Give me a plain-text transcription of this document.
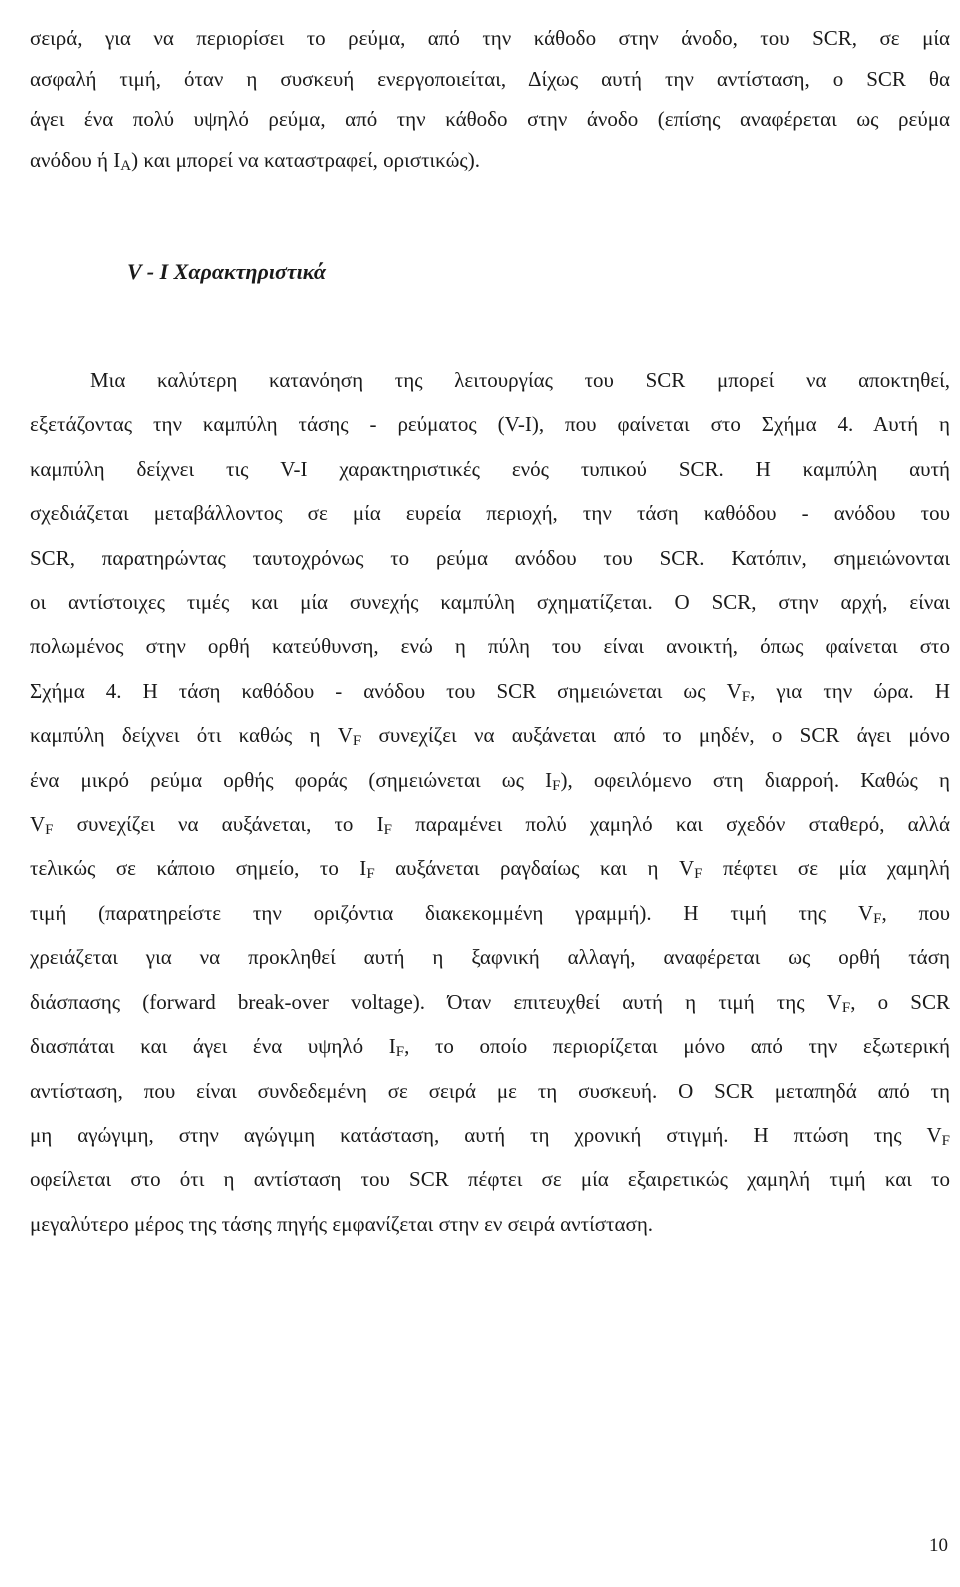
σειρά, για να περιορίσει το ρεύμα, από την κάθοδο στην άνοδο, του SCR, σε μία
ασφαλή τιμή, όταν η συσκευή ενεργοποιείται, Δίχως αυτή την αντίσταση, ο SCR θα
άγει ένα πολύ υψηλό ρεύμα, από την κάθοδο στην άνοδο (επίσης αναφέρεται ως ρεύμα
ανόδου ή $I_A$) και μπορεί να καταστραφεί, οριστικώς).
V - I Χαρακτηριστικά
Μια καλύτερη κατανόηση της λειτουργίας του SCR μπορεί να αποκτηθεί,
εξετάζοντας την καμπύλη τάσης - ρεύματος (V-I), που φαίνεται στο Σχήμα 4. Αυτή η
καμπύλη δείχνει τις V-I χαρακτηριστικές ενός τυπικού SCR. Η καμπύλη αυτή
σχεδιάζεται μεταβάλλοντος σε μία ευρεία περιοχή, την τάση καθόδου - ανόδου του
SCR, παρατηρώντας ταυτοχρόνως το ρεύμα ανόδου του SCR. Κατόπιν, σημειώνονται
οι αντίστοιχες τιμές και μία συνεχής καμπύλη σχηματίζεται. Ο SCR, στην αρχή, είναι
πολωμένος στην ορθή κατεύθυνση, ενώ η πύλη του είναι ανοικτή, όπως φαίνεται στο
Σχήμα 4. Η τάση καθόδου - ανόδου του SCR σημειώνεται ως $V_F$, για την ώρα. Η
καμπύλη δείχνει ότι καθώς η $V_F$ συνεχίζει να αυξάνεται από το μηδέν, ο SCR άγει μόνο
ένα μικρό ρεύμα ορθής φοράς (σημειώνεται ως $I_F$), οφειλόμενο στη διαρροή. Καθώς η
$V_F$ συνεχίζει να αυξάνεται, το $I_F$ παραμένει πολύ χαμηλό και σχεδόν σταθερό, αλλά
τελικώς σε κάποιο σημείο, το $I_F$ αυξάνεται ραγδαίως και η $V_F$ πέφτει σε μία χαμηλή
τιμή (παρατηρείστε την οριζόντια διακεκομμένη γραμμή). Η τιμή της $V_F$, που
χρειάζεται για να προκληθεί αυτή η ξαφνική αλλαγή, αναφέρεται ως ορθή τάση
διάσπασης (forward break-over voltage). Όταν επιτευχθεί αυτή η τιμή της $V_F$, ο SCR
διασπάται και άγει ένα υψηλό $I_F$, το οποίο περιορίζεται μόνο από την εξωτερική
αντίσταση, που είναι συνδεδεμένη σε σειρά με τη συσκευή. Ο SCR μεταπηδά από τη
μη αγώγιμη, στην αγώγιμη κατάσταση, αυτή τη χρονική στιγμή. Η πτώση της $V_F$
οφείλεται στο ότι η αντίσταση του SCR πέφτει σε μία εξαιρετικώς χαμηλή τιμή και το
μεγαλύτερο μέρος της τάσης πηγής εμφανίζεται στην εν σειρά αντίσταση.
10
